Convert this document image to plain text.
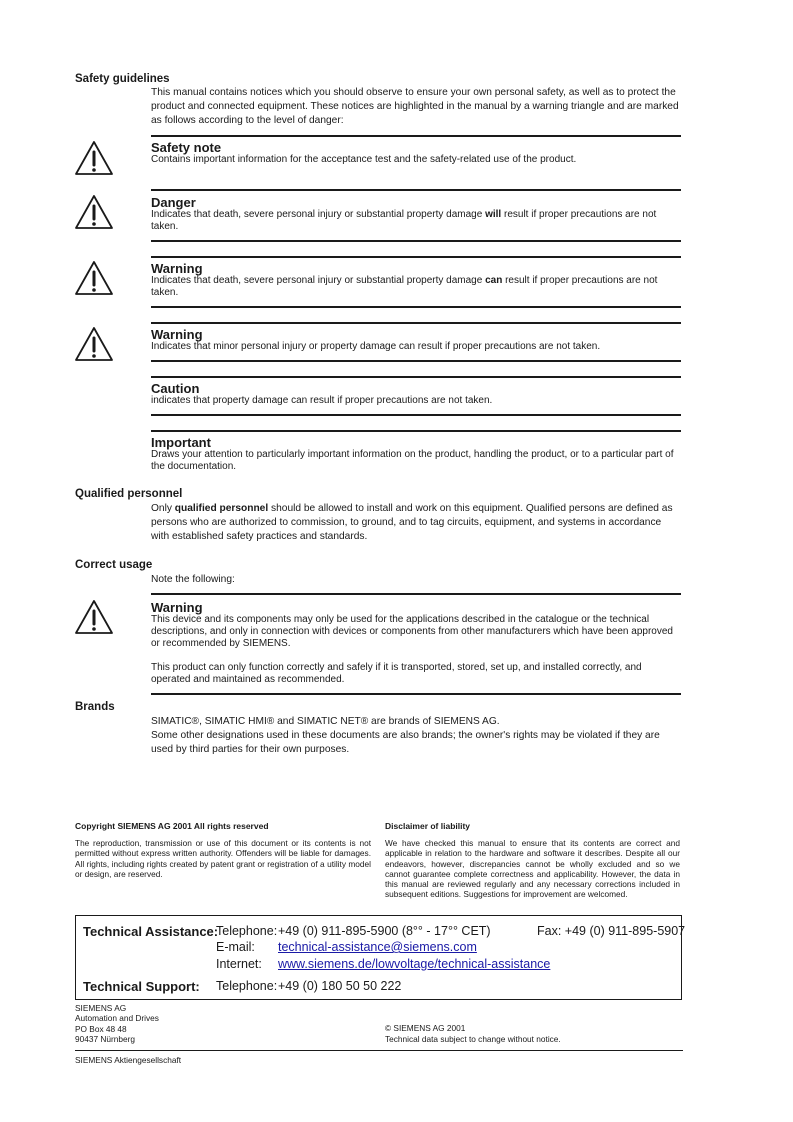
Safety guidelines
This manual contains notices which you should observe to ensure your own personal safety, as well as to protect the product and connected equipment. These notices are highlighted in the manual by a warning triangle and are marked as follows according to the level of danger:
Safety note
Contains important information for the acceptance test and the safety-related use of the product.
Danger
Indicates that death, severe personal injury or substantial property damage will result if proper precautions are not taken.
Warning
Indicates that death, severe personal injury or substantial property damage can result if proper precautions are not taken.
Warning
Indicates that minor personal injury or property damage can result if proper precautions are not taken.
Caution
indicates that property damage can result if proper precautions are not taken.
Important
Draws your attention to particularly important information on the product, handling the product, or to a particular part of the documentation.
Qualified personnel
Only qualified personnel should be allowed to install and work on this equipment. Qualified persons are defined as persons who are authorized to commission, to ground, and to tag circuits, equipment, and systems in accordance with established safety practices and standards.
Correct usage
Note the following:
Warning
This device and its components may only be used for the applications described in the catalogue or the technical descriptions, and only in connection with devices or components from other manufacturers which have been approved or recommended by SIEMENS.
This product can only function correctly and safely if it is transported, stored, set up, and installed correctly, and operated and maintained as recommended.
Brands
SIMATIC®, SIMATIC HMI® and SIMATIC NET® are brands of SIEMENS AG.
Some other designations used in these documents are also brands; the owner's rights may be violated if they are used by third parties for their own purposes.
Copyright SIEMENS AG 2001 All rights reserved
The reproduction, transmission or use of this document or its contents is not permitted without express written authority. Offenders will be liable for damages. All rights, including rights created by patent grant or registration of a utility model or design, are reserved.
Disclaimer of liability
We have checked this manual to ensure that its contents are correct and applicable in relation to the hardware and software it describes. Despite all our endeavors, however, discrepancies cannot be wholly excluded and so we cannot guarantee complete correctness and applicability. However, the data in this manual are reviewed regularly and any necessary corrections included in subsequent editions. Suggestions for improvement are welcomed.
Technical Assistance:
Telephone: +49 (0) 911-895-5900 (8°° - 17°° CET)	Fax: +49 (0) 911-895-5907
E-mail: technical-assistance@siemens.com
Internet: www.siemens.de/lowvoltage/technical-assistance
Technical Support: Telephone: +49 (0) 180 50 50 222
SIEMENS AG
Automation and Drives
PO Box 48 48
90437 Nürnberg
© SIEMENS AG 2001
Technical data subject to change without notice.
SIEMENS Aktiengesellschaft
